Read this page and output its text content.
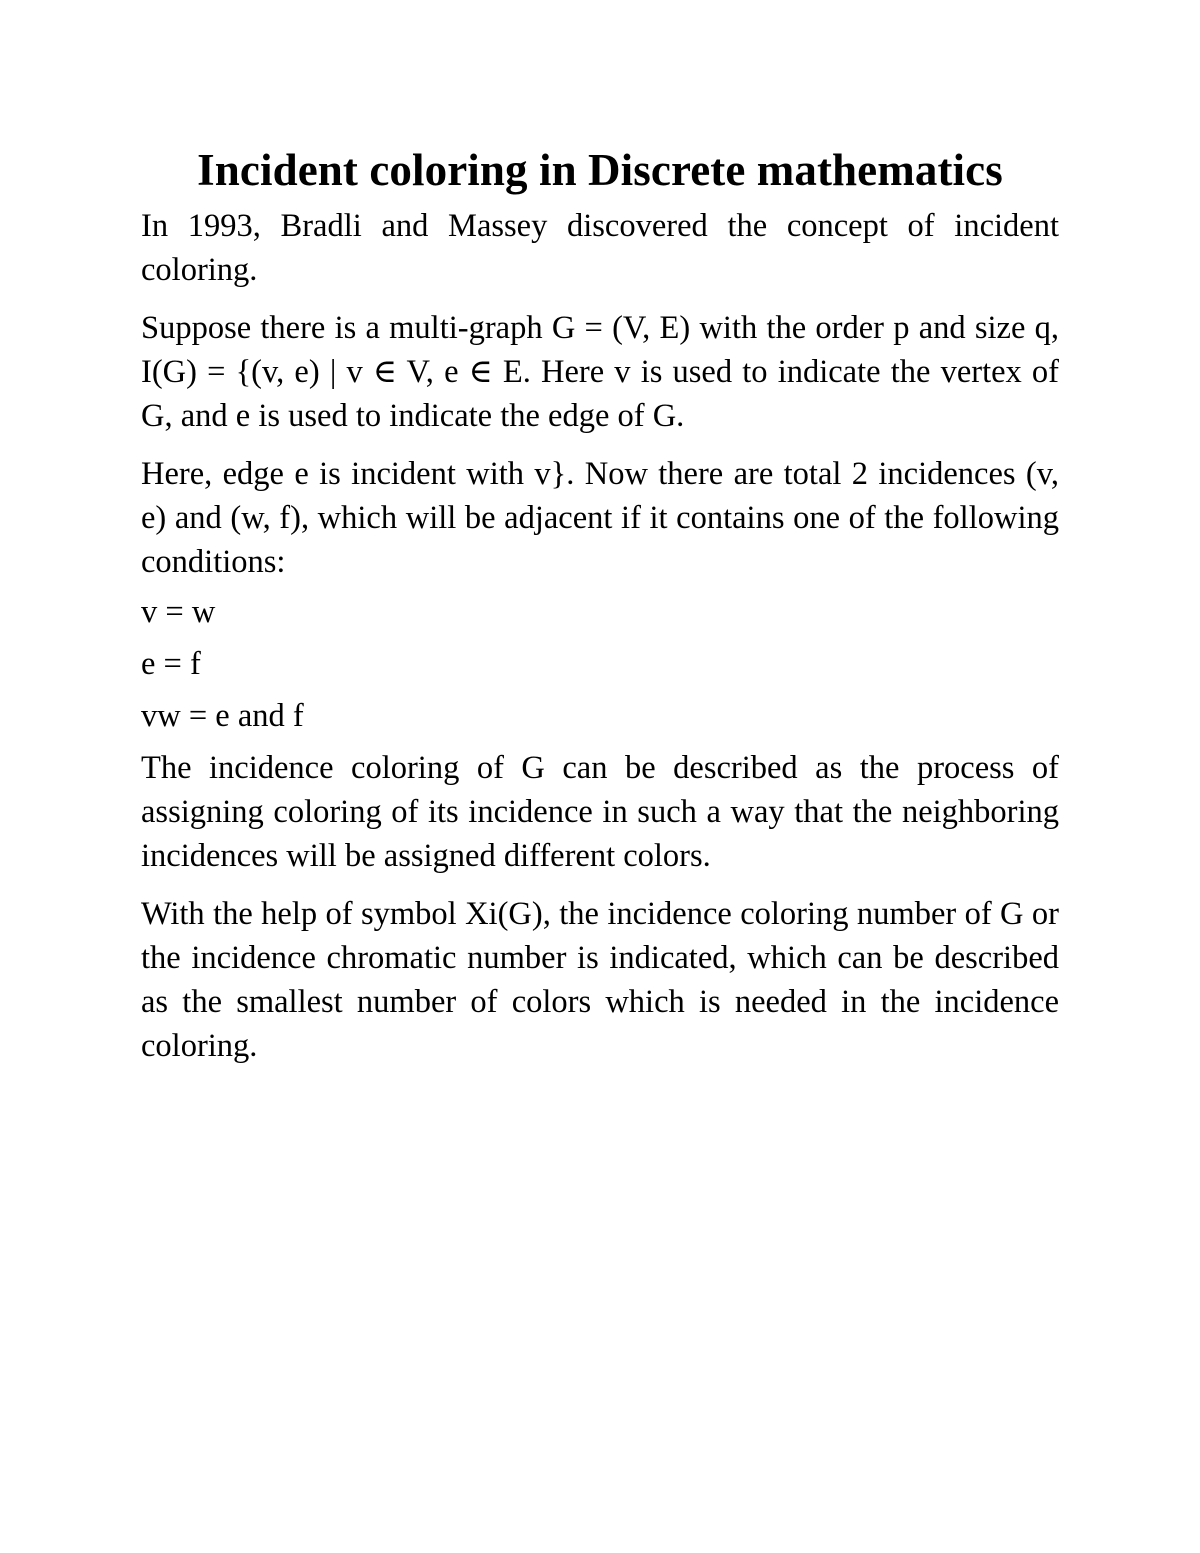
Incident coloring in Discrete mathematics

In 1993, Bradli and Massey discovered the concept of incident coloring.

Suppose there is a multi-graph G = (V, E) with the order p and size q, I(G) = {(v, e) | v ∈ V, e ∈ E. Here v is used to indicate the vertex of G, and e is used to indicate the edge of G.

Here, edge e is incident with v}. Now there are total 2 incidences (v, e) and (w, f), which will be adjacent if it contains one of the following conditions:

v = w

e = f

vw = e and f

The incidence coloring of G can be described as the process of assigning coloring of its incidence in such a way that the neighboring incidences will be assigned different colors.

With the help of symbol Xi(G), the incidence coloring number of G or the incidence chromatic number is indicated, which can be described as the smallest number of colors which is needed in the incidence coloring.
